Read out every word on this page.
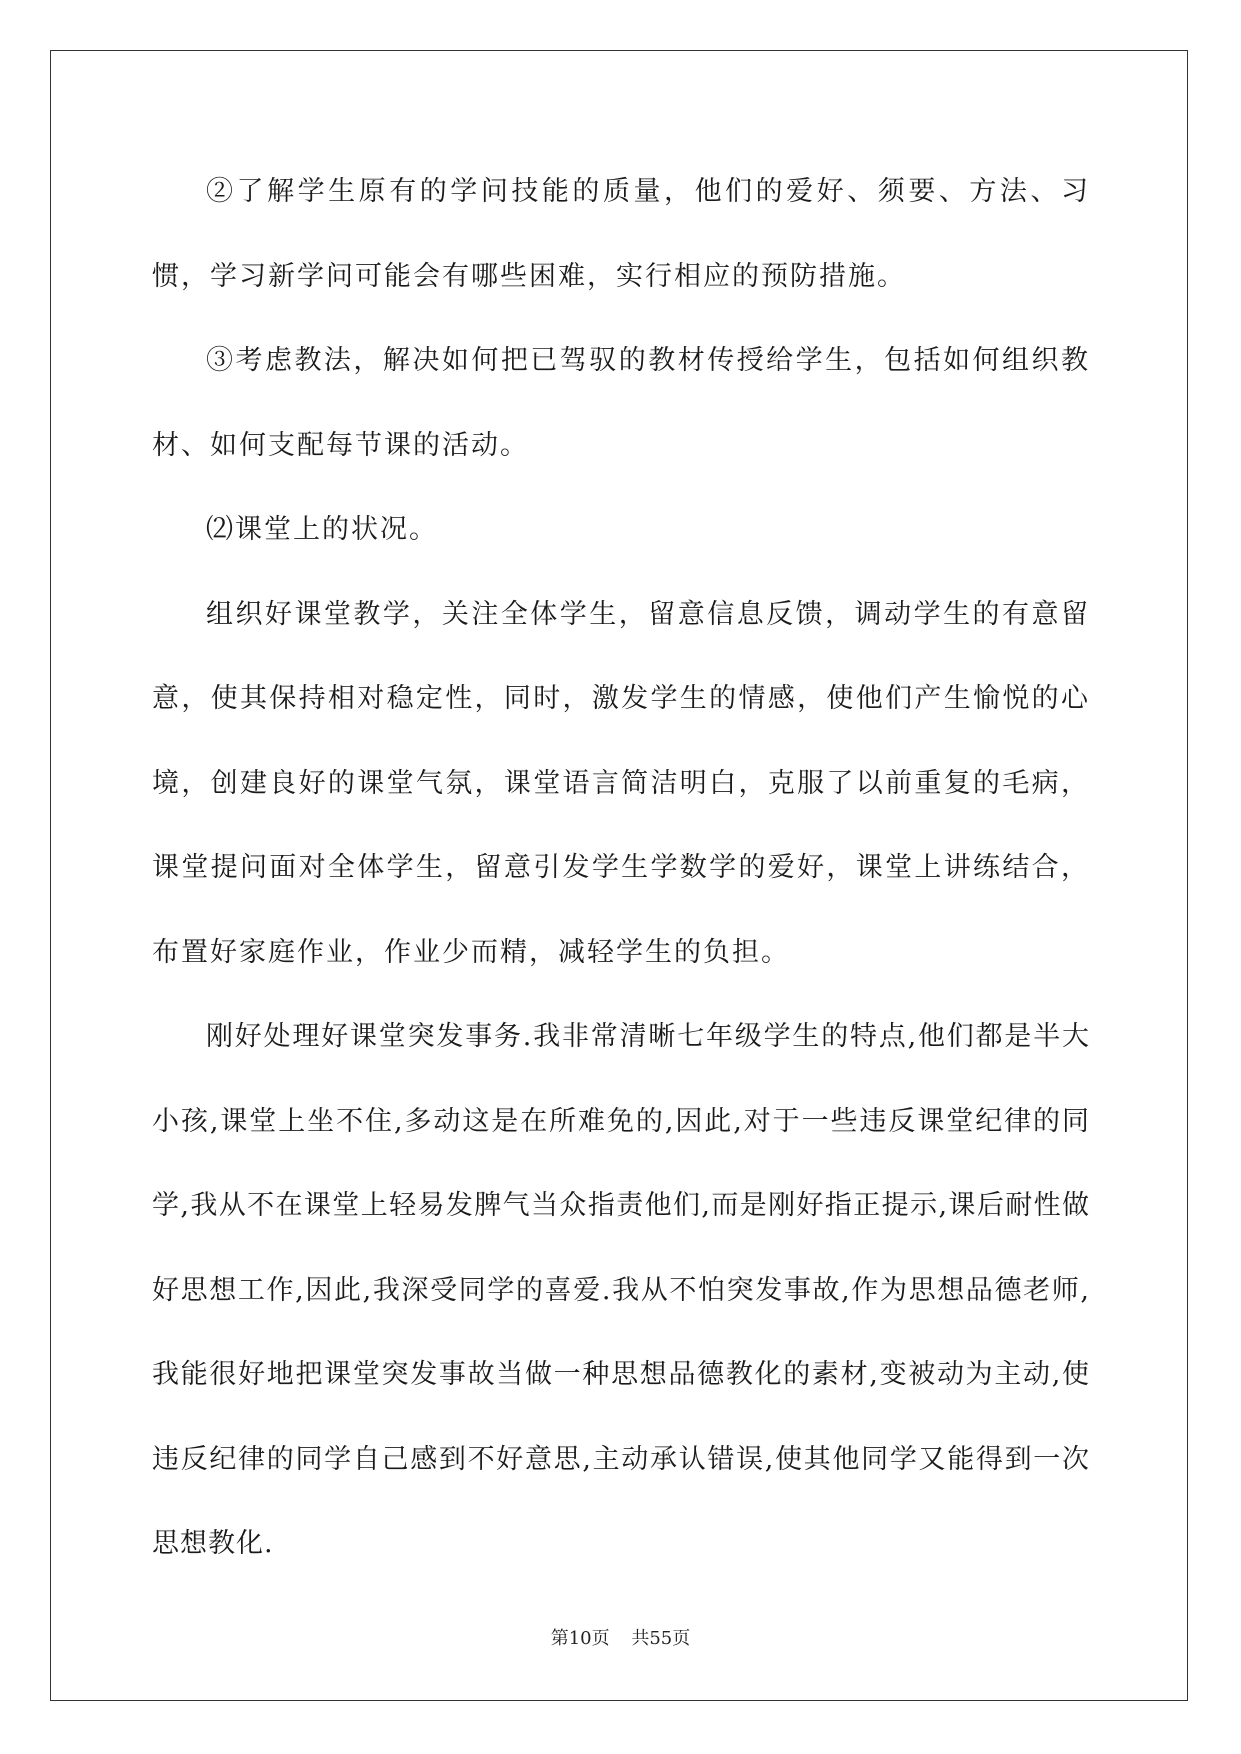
②了解学生原有的学问技能的质量，他们的爱好、须要、方法、习惯，学习新学问可能会有哪些困难，实行相应的预防措施。

③考虑教法，解决如何把已驾驭的教材传授给学生，包括如何组织教材、如何支配每节课的活动。

⑵课堂上的状况。

组织好课堂教学，关注全体学生，留意信息反馈，调动学生的有意留意，使其保持相对稳定性，同时，激发学生的情感，使他们产生愉悦的心境，创建良好的课堂气氛，课堂语言简洁明白，克服了以前重复的毛病，课堂提问面对全体学生，留意引发学生学数学的爱好，课堂上讲练结合，布置好家庭作业，作业少而精，减轻学生的负担。

刚好处理好课堂突发事务.我非常清晰七年级学生的特点,他们都是半大小孩,课堂上坐不住,多动这是在所难免的,因此,对于一些违反课堂纪律的同学,我从不在课堂上轻易发脾气当众指责他们,而是刚好指正提示,课后耐性做好思想工作,因此,我深受同学的喜爱.我从不怕突发事故,作为思想品德老师,我能很好地把课堂突发事故当做一种思想品德教化的素材,变被动为主动,使违反纪律的同学自己感到不好意思,主动承认错误,使其他同学又能得到一次思想教化.

第10页 共55页
